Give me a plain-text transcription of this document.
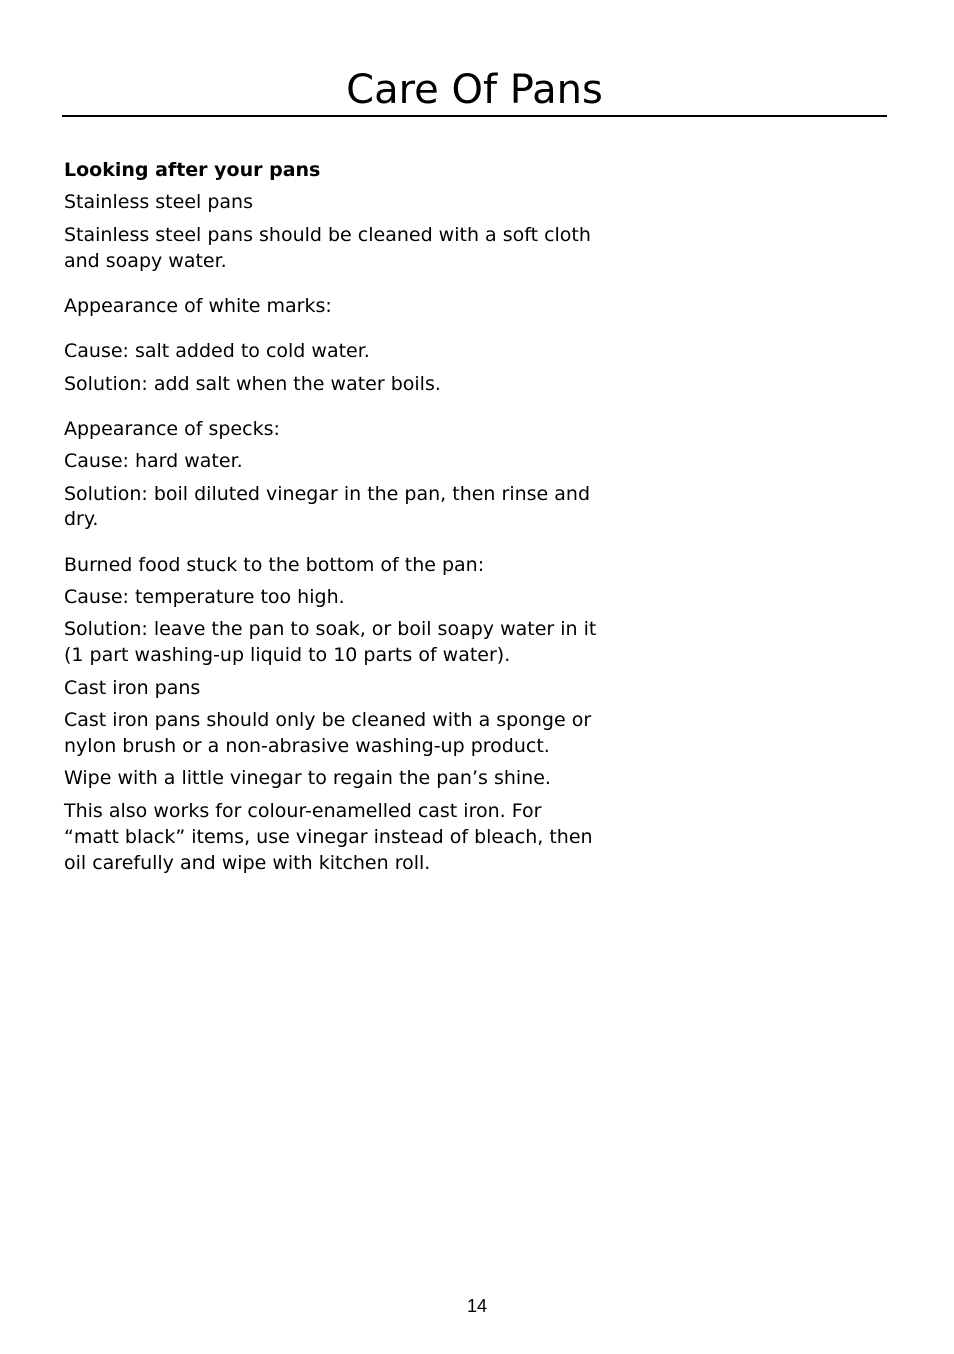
Care Of Pans

Looking after your pans

Stainless steel pans

Stainless steel pans should be cleaned with a soft cloth

and soapy water.

Appearance of white marks:

Cause: salt added to cold water.

Solution: add salt when the water boils.

Appearance of specks:

Cause: hard water.

Solution: boil diluted vinegar in the pan, then rinse and

dry.

Burned food stuck to the bottom of the pan:

Cause: temperature too high.

Solution: leave the pan to soak, or boil soapy water in it

(1 part washing-up liquid to 10 parts of water).

Cast iron pans

Cast iron pans should only be cleaned with a sponge or

nylon brush or a non-abrasive washing-up product.

Wipe with a little vinegar to regain the pan’s shine.

This also works for colour-enamelled cast iron. For

“matt black” items, use vinegar instead of bleach, then

oil carefully and wipe with kitchen roll.

14
